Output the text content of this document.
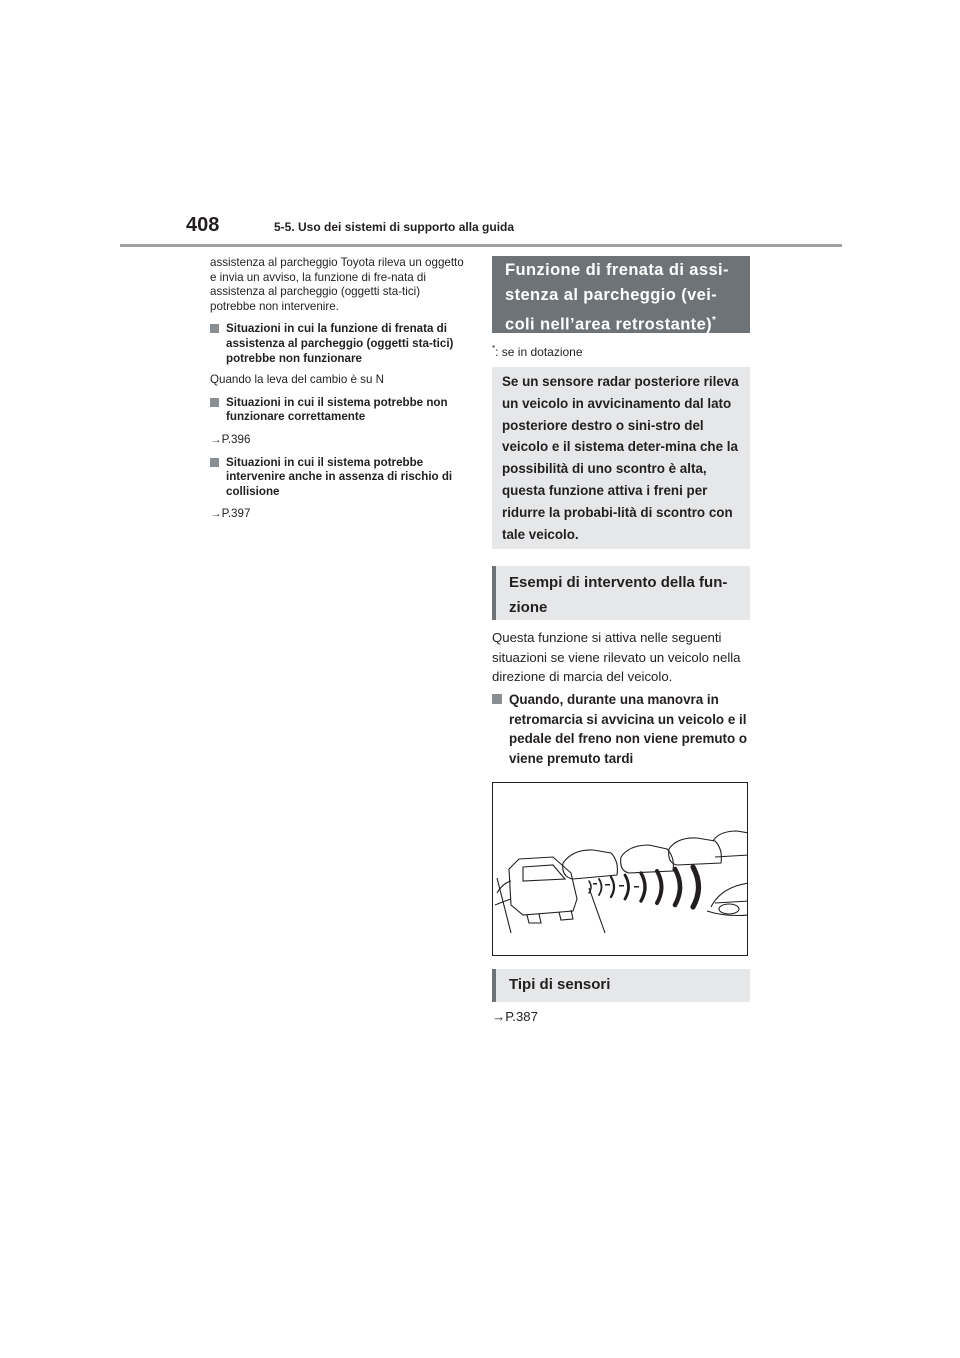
408	5-5. Uso dei sistemi di supporto alla guida

assistenza al parcheggio Toyota rileva un oggetto e invia un avviso, la funzione di fre-nata di assistenza al parcheggio (oggetti sta-tici) potrebbe non intervenire.

Situazioni in cui la funzione di frenata di assistenza al parcheggio (oggetti sta-tici) potrebbe non funzionare

Quando la leva del cambio è su N

Situazioni in cui il sistema potrebbe non funzionare correttamente

→P.396

Situazioni in cui il sistema potrebbe intervenire anche in assenza di rischio di collisione

→P.397

Funzione di frenata di assi-
stenza al parcheggio (vei-
coli nell’area retrostante)*
*: se in dotazione
Se un sensore radar posteriore rileva un veicolo in avvicinamento dal lato posteriore destro o sini-stro del veicolo e il sistema deter-mina che la possibilità di uno scontro è alta, questa funzione attiva i freni per ridurre la probabi-lità di scontro con tale veicolo.
Esempi di intervento della fun-zione
Questa funzione si attiva nelle seguenti situazioni se viene rilevato un veicolo nella direzione di marcia del veicolo.
Quando, durante una manovra in retromarcia si avvicina un veicolo e il pedale del freno non viene premuto o viene premuto tardi
Tipi di sensori
→P.387
